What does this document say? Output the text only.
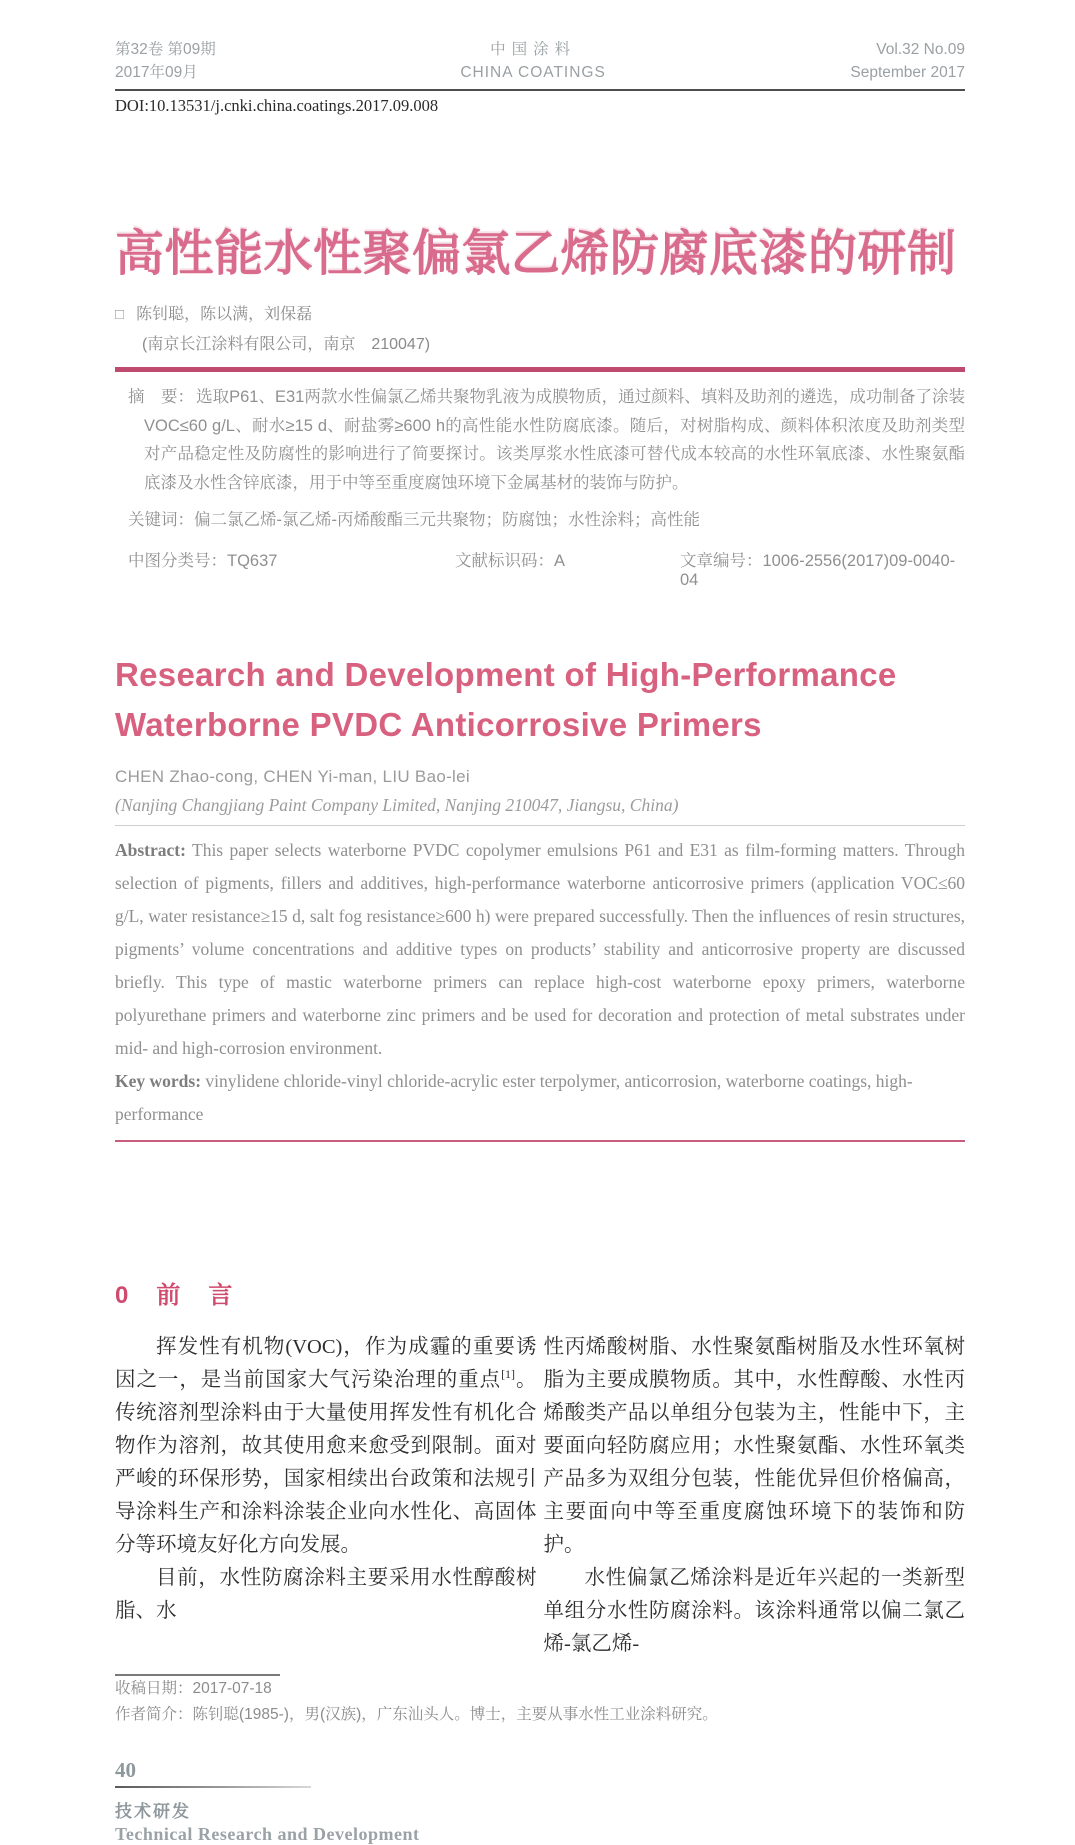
第32卷 第09期
2017年09月
中国涂料
CHINA COATINGS
Vol.32 No.09
September 2017
DOI:10.13531/j.cnki.china.coatings.2017.09.008
高性能水性聚偏氯乙烯防腐底漆的研制
□ 陈钊聪，陈以满，刘保磊
(南京长江涂料有限公司，南京　210047)

摘　要： 选取P61、E31两款水性偏氯乙烯共聚物乳液为成膜物质，通过颜料、填料及助剂的遴选，成功制备了涂装VOC≤60 g/L、耐水≥15 d、耐盐雾≥600 h的高性能水性防腐底漆。随后，对树脂构成、颜料体积浓度及助剂类型对产品稳定性及防腐性的影响进行了简要探讨。该类厚浆水性底漆可替代成本较高的水性环氧底漆、水性聚氨酯底漆及水性含锌底漆，用于中等至重度腐蚀环境下金属基材的装饰与防护。

关键词：偏二氯乙烯-氯乙烯-丙烯酸酯三元共聚物；防腐蚀；水性涂料；高性能

中图分类号：TQ637	文献标识码：A	文章编号：1006-2556(2017)09-0040-04
Research and Development of High-Performance
Waterborne PVDC Anticorrosive Primers
CHEN Zhao-cong, CHEN Yi-man, LIU Bao-lei
(Nanjing Changjiang Paint Company Limited, Nanjing 210047, Jiangsu, China)

Abstract: This paper selects waterborne PVDC copolymer emulsions P61 and E31 as film-forming matters. Through selection of pigments, fillers and additives, high-performance waterborne anticorrosive primers (application VOC≤60 g/L, water resistance≥15 d, salt fog resistance≥600 h) were prepared successfully. Then the influences of resin structures, pigments’ volume concentrations and additive types on products’ stability and anticorrosive property are discussed briefly. This type of mastic waterborne primers can replace high-cost waterborne epoxy primers, waterborne polyurethane primers and waterborne zinc primers and be used for decoration and protection of metal substrates under mid- and high-corrosion environment.

Key words: vinylidene chloride-vinyl chloride-acrylic ester terpolymer, anticorrosion, waterborne coatings, high-performance

0　前　言

挥发性有机物(VOC)，作为成霾的重要诱因之一，是当前国家大气污染治理的重点[1]。传统溶剂型涂料由于大量使用挥发性有机化合物作为溶剂，故其使用愈来愈受到限制。面对严峻的环保形势，国家相续出台政策和法规引导涂料生产和涂料涂装企业向水性化、高固体分等环境友好化方向发展。

目前，水性防腐涂料主要采用水性醇酸树脂、水

性丙烯酸树脂、水性聚氨酯树脂及水性环氧树脂为主要成膜物质。其中，水性醇酸、水性丙烯酸类产品以单组分包装为主，性能中下，主要面向轻防腐应用；水性聚氨酯、水性环氧类产品多为双组分包装，性能优异但价格偏高，主要面向中等至重度腐蚀环境下的装饰和防护。

水性偏氯乙烯涂料是近年兴起的一类新型单组分水性防腐涂料。该涂料通常以偏二氯乙烯-氯乙烯-

收稿日期：2017-07-18
作者简介：陈钊聪(1985-)，男(汉族)，广东汕头人。博士，主要从事水性工业涂料研究。
40
技术研发
Technical Research and Development
